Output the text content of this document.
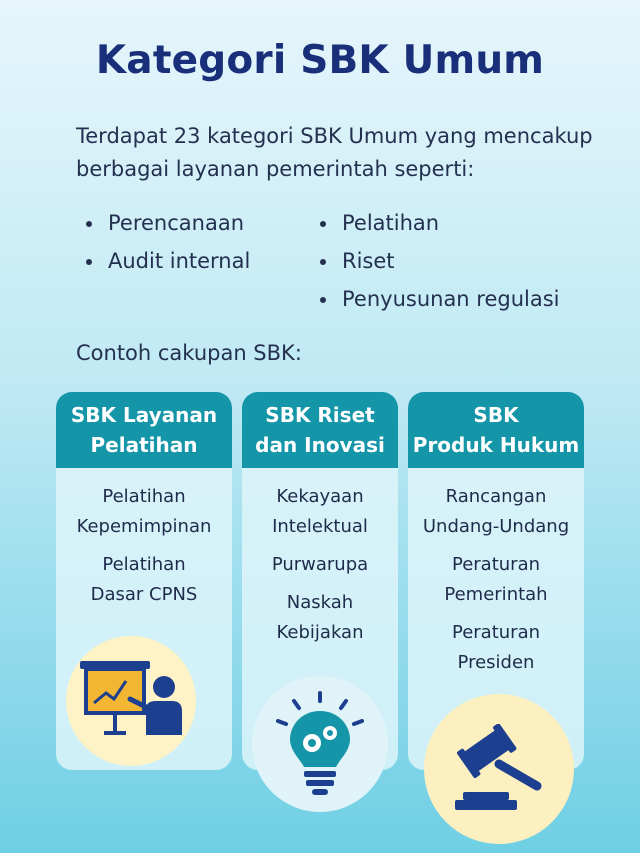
Kategori SBK Umum

Terdapat 23 kategori SBK Umum yang mencakup berbagai layanan pemerintah seperti:

Perencanaan
Audit internal
Pelatihan
Riset
Penyusunan regulasi
Contoh cakupan SBK:
SBK Layanan
Pelatihan
Pelatihan
Kepemimpinan
Pelatihan
Dasar CPNS
SBK Riset
dan Inovasi
Kekayaan
Intelektual
Purwarupa
Naskah
Kebijakan
SBK
Produk Hukum
Rancangan
Undang-Undang
Peraturan
Pemerintah
Peraturan
Presiden
